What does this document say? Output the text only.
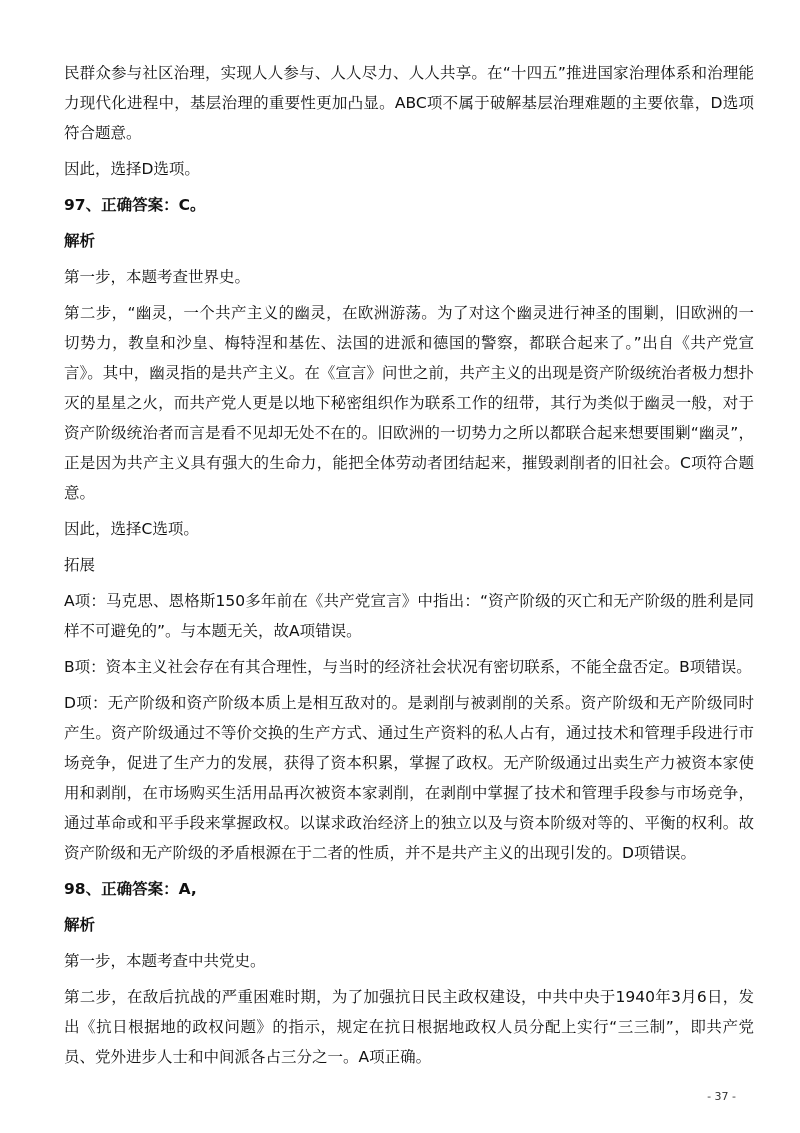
民群众参与社区治理，实现人人参与、人人尽力、人人共享。在“十四五”推进国家治理体系和治理能力现代化进程中，基层治理的重要性更加凸显。ABC项不属于破解基层治理难题的主要依靠，D选项符合题意。

因此，选择D选项。

97、正确答案：C。

解析

第一步，本题考查世界史。

第二步，“幽灵，一个共产主义的幽灵，在欧洲游荡。为了对这个幽灵进行神圣的围剿，旧欧洲的一切势力，教皇和沙皇、梅特涅和基佐、法国的进派和德国的警察，都联合起来了。”出自《共产党宣言》。其中，幽灵指的是共产主义。在《宣言》问世之前，共产主义的出现是资产阶级统治者极力想扑灭的星星之火，而共产党人更是以地下秘密组织作为联系工作的纽带，其行为类似于幽灵一般，对于资产阶级统治者而言是看不见却无处不在的。旧欧洲的一切势力之所以都联合起来想要围剿“幽灵”，正是因为共产主义具有强大的生命力，能把全体劳动者团结起来，摧毁剥削者的旧社会。C项符合题意。

因此，选择C选项。

拓展

A项：马克思、恩格斯150多年前在《共产党宣言》中指出：“资产阶级的灭亡和无产阶级的胜利是同样不可避免的”。与本题无关，故A项错误。

B项：资本主义社会存在有其合理性，与当时的经济社会状况有密切联系，不能全盘否定。B项错误。

D项：无产阶级和资产阶级本质上是相互敌对的。是剥削与被剥削的关系。资产阶级和无产阶级同时产生。资产阶级通过不等价交换的生产方式、通过生产资料的私人占有，通过技术和管理手段进行市场竞争，促进了生产力的发展，获得了资本积累，掌握了政权。无产阶级通过出卖生产力被资本家使用和剥削，在市场购买生活用品再次被资本家剥削，在剥削中掌握了技术和管理手段参与市场竞争，通过革命或和平手段来掌握政权。以谋求政治经济上的独立以及与资本阶级对等的、平衡的权利。故资产阶级和无产阶级的矛盾根源在于二者的性质，并不是共产主义的出现引发的。D项错误。

98、正确答案：A,

解析

第一步，本题考查中共党史。

第二步，在敌后抗战的严重困难时期，为了加强抗日民主政权建设，中共中央于1940年3月6日，发出《抗日根据地的政权问题》的指示，规定在抗日根据地政权人员分配上实行“三三制”，即共产党员、党外进步人士和中间派各占三分之一。A项正确。

- 37 -
